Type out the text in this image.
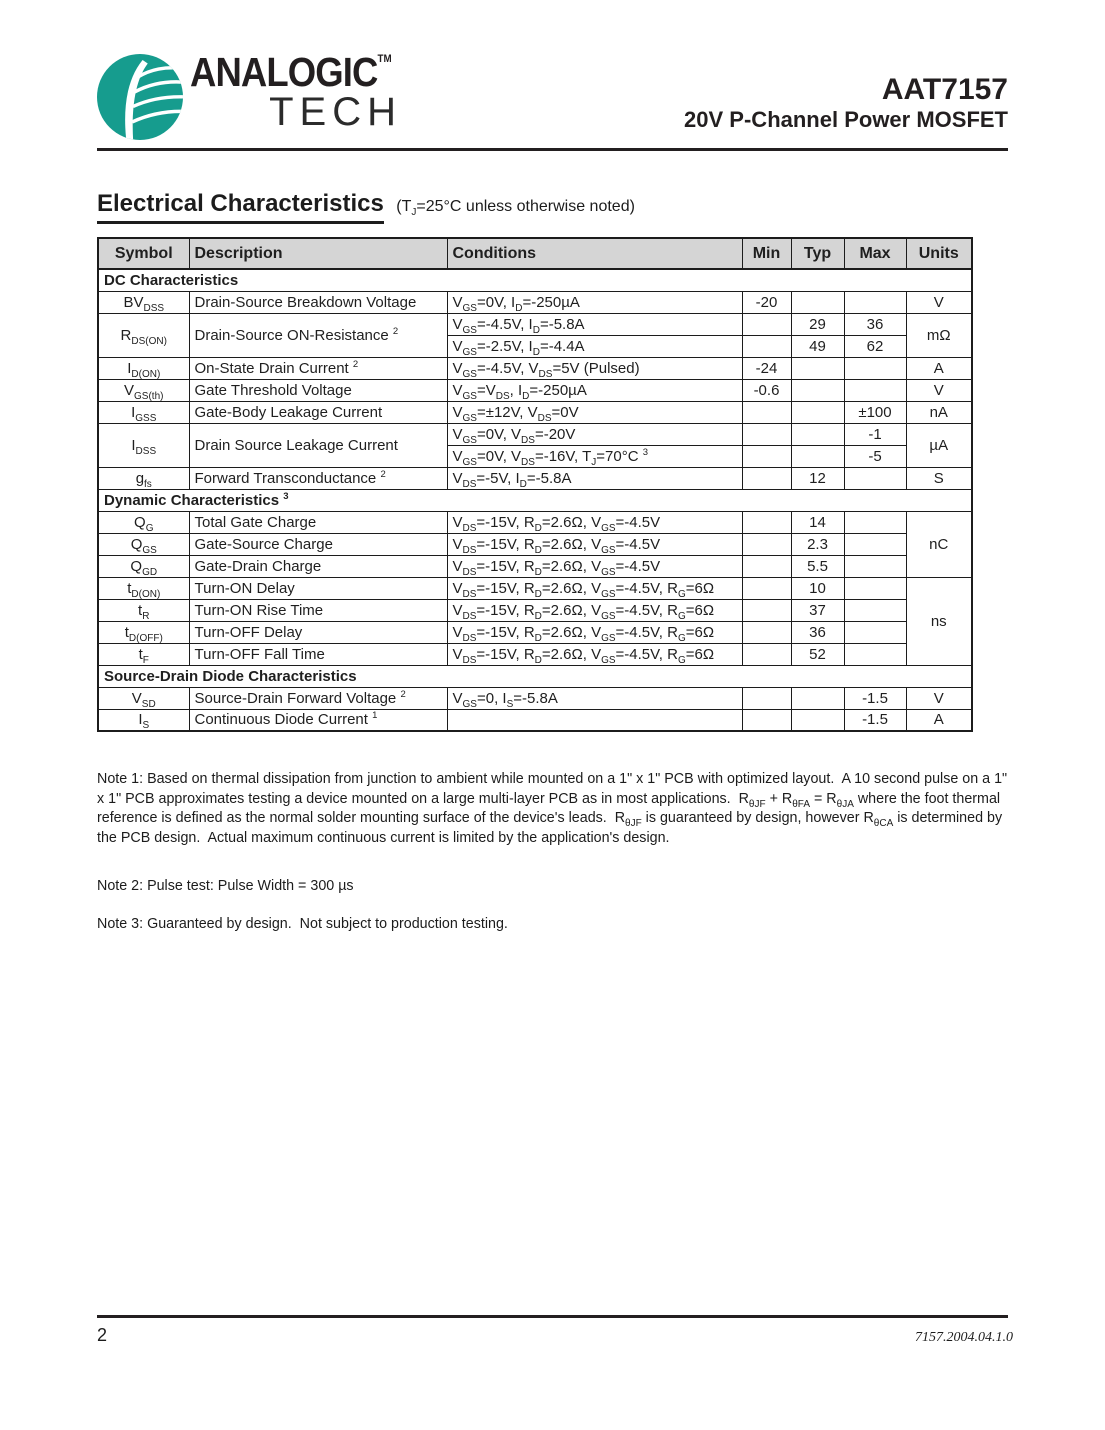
ANALOGIC™
TECH
AAT7157
20V P-Channel Power MOSFET
Electrical Characteristics ($T_J=25^\circ C$ unless otherwise noted)
Symbol	Description	Conditions	Min	Typ	Max	Units
DC Characteristics						
$BV_{DSS}$	Drain-Source Breakdown Voltage	$V_{GS}=0V$, $I_D=-250\mu A$	-20			V
$R_{DS(ON)}$	Drain-Source ON-Resistance $^2$	$V_{GS}=-4.5V$, $I_D=-5.8A$		29	36	mΩ
		$V_{GS}=-2.5V$, $I_D=-4.4A$		49	62	
$I_{D(ON)}$	On-State Drain Current $^2$	$V_{GS}=-4.5V$, $V_{DS}=5V$ (Pulsed)	-24			A
$V_{GS(th)}$	Gate Threshold Voltage	$V_{GS}=V_{DS}$, $I_D=-250\mu A$	-0.6			V
$I_{GSS}$	Gate-Body Leakage Current	$V_{GS}=\pm 12V$, $V_{DS}=0V$			±100	nA
$I_{DSS}$	Drain Source Leakage Current	$V_{GS}=0V$, $V_{DS}=-20V$			-1	µA
		$V_{GS}=0V$, $V_{DS}=-16V$, $T_J=70^\circ C$ $^3$			-5	
$g_{fs}$	Forward Transconductance $^2$	$V_{DS}=-5V$, $I_D=-5.8A$		12		S
Dynamic Characteristics $^3$
$Q_G$	Total Gate Charge	$V_{DS}=-15V$, $R_D=2.6\Omega$, $V_{GS}=-4.5V$		14		nC
$Q_{GS}$	Gate-Source Charge	$V_{DS}=-15V$, $R_D=2.6\Omega$, $V_{GS}=-4.5V$		2.3		
$Q_{GD}$	Gate-Drain Charge	$V_{DS}=-15V$, $R_D=2.6\Omega$, $V_{GS}=-4.5V$		5.5		
$t_{D(ON)}$	Turn-ON Delay	$V_{DS}=-15V$, $R_D=2.6\Omega$, $V_{GS}=-4.5V$, $R_G=6\Omega$		10		ns
$t_R$	Turn-ON Rise Time	$V_{DS}=-15V$, $R_D=2.6\Omega$, $V_{GS}=-4.5V$, $R_G=6\Omega$		37		
$t_{D(OFF)}$	Turn-OFF Delay	$V_{DS}=-15V$, $R_D=2.6\Omega$, $V_{GS}=-4.5V$, $R_G=6\Omega$		36		
$t_F$	Turn-OFF Fall Time	$V_{DS}=-15V$, $R_D=2.6\Omega$, $V_{GS}=-4.5V$, $R_G=6\Omega$		52		
Source-Drain Diode Characteristics						
$V_{SD}$	Source-Drain Forward Voltage $^2$	$V_{GS}=0$, $I_S=-5.8A$			-1.5	V
$I_S$	Continuous Diode Current $^1$				-1.5	A

Note 1: Based on thermal dissipation from junction to ambient while mounted on a 1" x 1" PCB with optimized layout.  A 10 second pulse on a 1" x 1" PCB approximates testing a device mounted on a large multi-layer PCB as in most applications.  $R_{\theta JF} + R_{\theta FA} = R_{\theta JA}$ where the foot thermal reference is defined as the normal solder mounting surface of the device's leads.  $R_{\theta JF}$ is guaranteed by design, however $R_{\theta CA}$ is determined by the PCB design.  Actual maximum continuous current is limited by the application's design.

Note 2: Pulse test: Pulse Width = 300 µs

Note 3: Guaranteed by design.  Not subject to production testing.

2	7157.2004.04.1.0
